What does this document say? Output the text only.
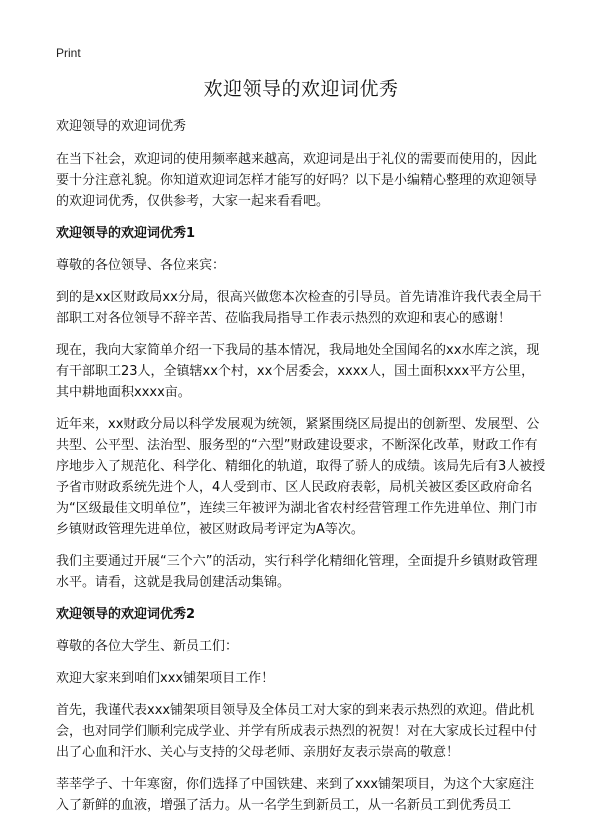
Print
欢迎领导的欢迎词优秀

欢迎领导的欢迎词优秀

在当下社会，欢迎词的使用频率越来越高，欢迎词是出于礼仪的需要而使用的，因此要十分注意礼貌。你知道欢迎词怎样才能写的好吗？以下是小编精心整理的欢迎领导的欢迎词优秀，仅供参考，大家一起来看看吧。

欢迎领导的欢迎词优秀1

尊敬的各位领导、各位来宾：

到的是xx区财政局xx分局，很高兴做您本次检查的引导员。首先请准许我代表全局干部职工对各位领导不辞辛苦、莅临我局指导工作表示热烈的欢迎和衷心的感谢！

现在，我向大家简单介绍一下我局的基本情况，我局地处全国闻名的xx水库之滨，现有干部职工23人，全镇辖xx个村，xx个居委会，xxxx人，国土面积xxx平方公里，其中耕地面积xxxx亩。

近年来，xx财政分局以科学发展观为统领，紧紧围绕区局提出的创新型、发展型、公共型、公平型、法治型、服务型的“六型”财政建设要求，不断深化改革，财政工作有序地步入了规范化、科学化、精细化的轨道，取得了骄人的成绩。该局先后有3人被授予省市财政系统先进个人，4人受到市、区人民政府表彰，局机关被区委区政府命名为“区级最佳文明单位”，连续三年被评为湖北省农村经营管理工作先进单位、荆门市乡镇财政管理先进单位，被区财政局考评定为A等次。

我们主要通过开展“三个六”的活动，实行科学化精细化管理，全面提升乡镇财政管理水平。请看，这就是我局创建活动集锦。

欢迎领导的欢迎词优秀2

尊敬的各位大学生、新员工们：

欢迎大家来到咱们xxx铺架项目工作！

首先，我谨代表xxx铺架项目领导及全体员工对大家的到来表示热烈的欢迎。借此机会，也对同学们顺利完成学业、并学有所成表示热烈的祝贺！对在大家成长过程中付出了心血和汗水、关心与支持的父母老师、亲朋好友表示崇高的敬意！

莘莘学子、十年寒窗，你们选择了中国铁建、来到了xxx铺架项目，为这个大家庭注入了新鲜的血液，增强了活力。从一名学生到新员工，从一名新员工到优秀员工
